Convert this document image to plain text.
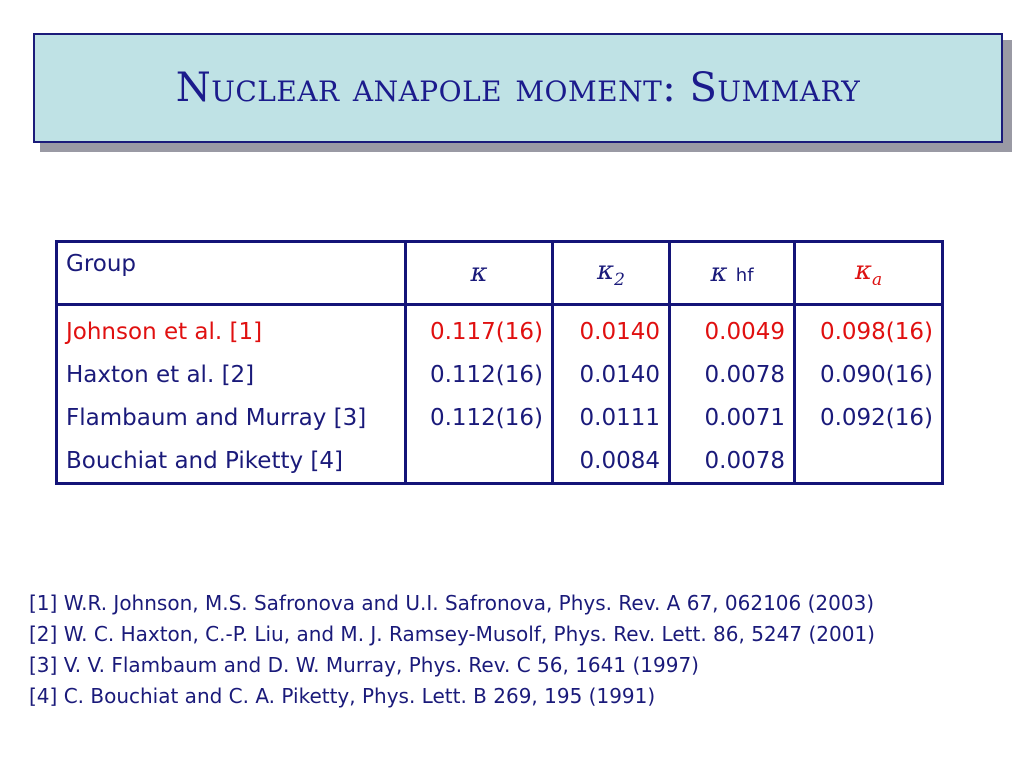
Nuclear anapole moment: Summary
Group	κ	$\kappa_2$	κ hf	$\kappa_a$
Johnson et al. [1]	0.117(16)	0.0140	0.0049	0.098(16)
Haxton et al. [2]	0.112(16)	0.0140	0.0078	0.090(16)
Flambaum and Murray [3]	0.112(16)	0.0111	0.0071	0.092(16)
Bouchiat and Piketty [4]		0.0084	0.0078	
[1] W.R. Johnson, M.S. Safronova and U.I. Safronova, Phys. Rev. A 67, 062106 (2003)
[2] W. C. Haxton, C.-P. Liu, and M. J. Ramsey-Musolf, Phys. Rev. Lett. 86, 5247 (2001)
[3] V. V. Flambaum and D. W. Murray, Phys. Rev. C 56, 1641 (1997)
[4] C. Bouchiat and C. A. Piketty, Phys. Lett. B 269, 195 (1991)
